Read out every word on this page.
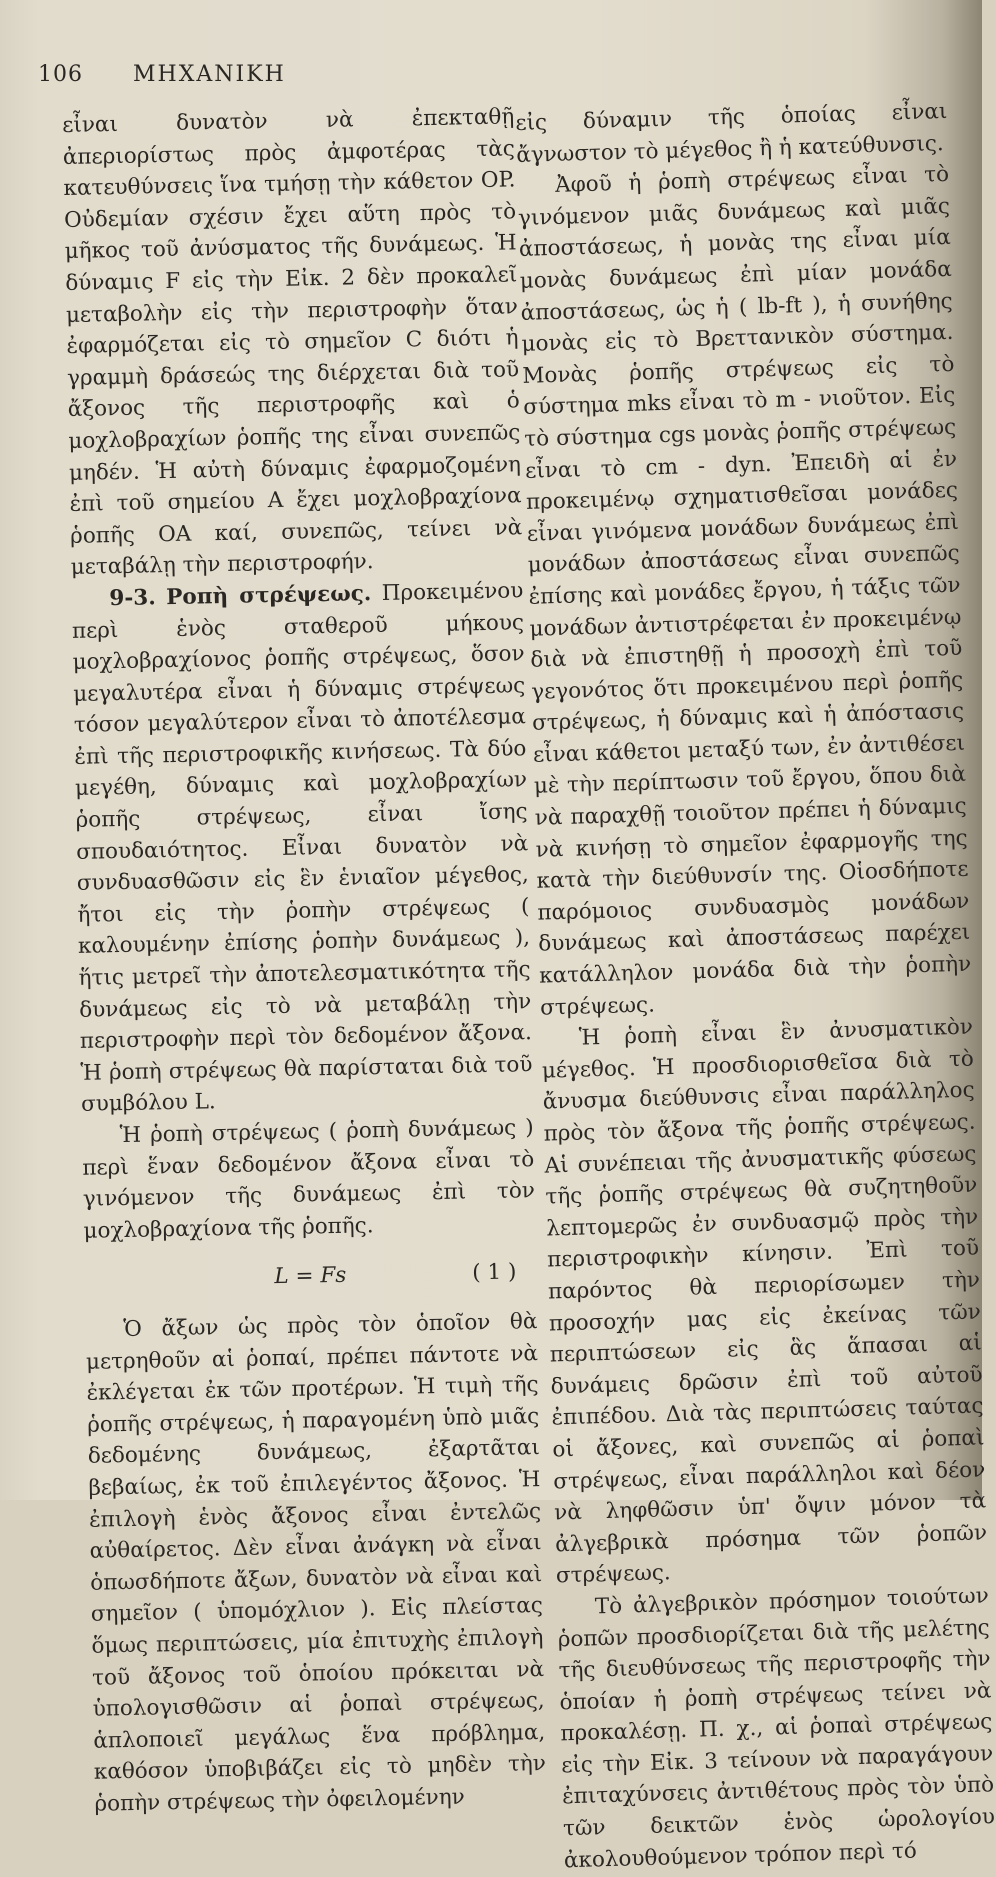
106 ΜΗΧΑΝΙΚΗ

εἶναι δυνατὸν νὰ ἐπεκταθῇ ἀπεριορίστως πρὸς ἀμφοτέρας τὰς κατευθύνσεις ἵνα τμήσῃ τὴν κάθετον OP. Οὐδεμίαν σχέσιν ἔχει αὕτη πρὸς τὸ μῆκος τοῦ ἀνύσματος τῆς δυνάμεως. Ἡ δύναμις F εἰς τὴν Εἰκ. 2 δὲν προκαλεῖ μεταβολὴν εἰς τὴν περιστροφὴν ὅταν ἐφαρμόζεται εἰς τὸ σημεῖον C διότι ἡ γραμμὴ δράσεώς της διέρχεται διὰ τοῦ ἄξονος τῆς περιστροφῆς καὶ ὁ μοχλοβραχίων ῥοπῆς της εἶναι συνεπῶς μηδέν. Ἡ αὐτὴ δύναμις ἐφαρμοζομένη ἐπὶ τοῦ σημείου A ἔχει μοχλοβραχίονα ῥοπῆς OA καί, συνεπῶς, τείνει νὰ μεταβάλῃ τὴν περιστροφήν.

9-3. Ροπὴ στρέψεως. Προκειμένου περὶ ἑνὸς σταθεροῦ μήκους μοχλοβραχίονος ῥοπῆς στρέψεως, ὅσον μεγαλυτέρα εἶναι ἡ δύναμις στρέψεως τόσον μεγαλύτερον εἶναι τὸ ἀποτέλεσμα ἐπὶ τῆς περιστροφικῆς κινήσεως. Τὰ δύο μεγέθη, δύναμις καὶ μοχλοβραχίων ῥοπῆς στρέψεως, εἶναι ἴσης σπουδαιότητος. Εἶναι δυνατὸν νὰ συνδυασθῶσιν εἰς ἓν ἑνιαῖον μέγεθος, ἤτοι εἰς τὴν ῥοπὴν στρέψεως ( καλουμένην ἐπίσης ῥοπὴν δυνάμεως ), ἥτις μετρεῖ τὴν ἀποτελεσματικότητα τῆς δυνάμεως εἰς τὸ νὰ μεταβάλῃ τὴν περιστροφὴν περὶ τὸν δεδομένον ἄξονα. Ἡ ῥοπὴ στρέψεως θὰ παρίσταται διὰ τοῦ συμβόλου L.

Ἡ ῥοπὴ στρέψεως ( ῥοπὴ δυνάμεως ) περὶ ἕναν δεδομένον ἄξονα εἶναι τὸ γινόμενον τῆς δυνάμεως ἐπὶ τὸν μοχλοβραχίονα τῆς ῥοπῆς.

L = Fs	( 1 )

Ὁ ἄξων ὡς πρὸς τὸν ὁποῖον θὰ μετρηθοῦν αἱ ῥοπαί, πρέπει πάντοτε νὰ ἐκλέγεται ἐκ τῶν προτέρων. Ἡ τιμὴ τῆς ῥοπῆς στρέψεως, ἡ παραγομένη ὑπὸ μιᾶς δεδομένης δυνάμεως, ἐξαρτᾶται βεβαίως, ἐκ τοῦ ἐπιλεγέντος ἄξονος. Ἡ ἐπιλογὴ ἑνὸς ἄξονος εἶναι ἐντελῶς αὐθαίρετος. Δὲν εἶναι ἀνάγκη νὰ εἶναι ὁπωσδήποτε ἄξων, δυνατὸν νὰ εἶναι καὶ σημεῖον ( ὑπομόχλιον ). Εἰς πλείστας ὅμως περιπτώσεις, μία ἐπιτυχὴς ἐπιλογὴ τοῦ ἄξονος τοῦ ὁποίου πρόκειται νὰ ὑπολογισθῶσιν αἱ ῥοπαὶ στρέψεως, ἁπλοποιεῖ μεγάλως ἕνα πρόβλημα, καθόσον ὑποβιβάζει εἰς τὸ μηδὲν τὴν ῥοπὴν στρέψεως τὴν ὀφειλομένην

εἰς δύναμιν τῆς ὁποίας εἶναι ἄγνωστον τὸ μέγεθος ἢ ἡ κατεύθυνσις.

Ἀφοῦ ἡ ῥοπὴ στρέψεως εἶναι τὸ γινόμενον μιᾶς δυνάμεως καὶ μιᾶς ἀποστάσεως, ἡ μονὰς της εἶναι μία μονὰς δυνάμεως ἐπὶ μίαν μονάδα ἀποστάσεως, ὡς ἡ ( lb-ft ), ἡ συνήθης μονὰς εἰς τὸ Βρεττανικὸν σύστημα. Μονὰς ῥοπῆς στρέψεως εἰς τὸ σύστημα mks εἶναι τὸ m - νιοῦτον. Εἰς τὸ σύστημα cgs μονὰς ῥοπῆς στρέψεως εἶναι τὸ cm - dyn. Ἐπειδὴ αἱ ἐν προκειμένῳ σχηματισθεῖσαι μονάδες εἶναι γινόμενα μονάδων δυνάμεως ἐπὶ μονάδων ἀποστάσεως εἶναι συνεπῶς ἐπίσης καὶ μονάδες ἔργου, ἡ τάξις τῶν μονάδων ἀντιστρέφεται ἐν προκειμένῳ διὰ νὰ ἐπιστηθῇ ἡ προσοχὴ ἐπὶ τοῦ γεγονότος ὅτι προκειμένου περὶ ῥοπῆς στρέψεως, ἡ δύναμις καὶ ἡ ἀπόστασις εἶναι κάθετοι μεταξύ των, ἐν ἀντιθέσει μὲ τὴν περίπτωσιν τοῦ ἔργου, ὅπου διὰ νὰ παραχθῇ τοιοῦτον πρέπει ἡ δύναμις νὰ κινήσῃ τὸ σημεῖον ἐφαρμογῆς της κατὰ τὴν διεύθυνσίν της. Οἱοσδήποτε παρόμοιος συνδυασμὸς μονάδων δυνάμεως καὶ ἀποστάσεως παρέχει κατάλληλον μονάδα διὰ τὴν ῥοπὴν στρέψεως.

Ἡ ῥοπὴ εἶναι ἓν ἀνυσματικὸν μέγεθος. Ἡ προσδιορισθεῖσα διὰ τὸ ἄνυσμα διεύθυνσις εἶναι παράλληλος πρὸς τὸν ἄξονα τῆς ῥοπῆς στρέψεως. Αἱ συνέπειαι τῆς ἀνυσματικῆς φύσεως τῆς ῥοπῆς στρέψεως θὰ συζητηθοῦν λεπτομερῶς ἐν συνδυασμῷ πρὸς τὴν περιστροφικὴν κίνησιν. Ἐπὶ τοῦ παρόντος θὰ περιορίσωμεν τὴν προσοχήν μας εἰς ἐκείνας τῶν περιπτώσεων εἰς ἃς ἅπασαι αἱ δυνάμεις δρῶσιν ἐπὶ τοῦ αὐτοῦ ἐπιπέδου. Διὰ τὰς περιπτώσεις ταύτας οἱ ἄξονες, καὶ συνεπῶς αἱ ῥοπαὶ στρέψεως, εἶναι παράλληλοι καὶ δέον νὰ ληφθῶσιν ὑπ' ὄψιν μόνον τὰ ἀλγεβρικὰ πρόσημα τῶν ῥοπῶν στρέψεως.

Τὸ ἀλγεβρικὸν πρόσημον τοιούτων ῥοπῶν προσδιορίζεται διὰ τῆς μελέτης τῆς διευθύνσεως τῆς περιστροφῆς τὴν ὁποίαν ἡ ῥοπὴ στρέψεως τείνει νὰ προκαλέσῃ. Π. χ., αἱ ῥοπαὶ στρέψεως εἰς τὴν Εἰκ. 3 τείνουν νὰ παραγάγουν ἐπιταχύνσεις ἀντιθέτους πρὸς τὸν ὑπὸ τῶν δεικτῶν ἑνὸς ὡρολογίου ἀκολουθούμενον τρόπον περὶ τό
